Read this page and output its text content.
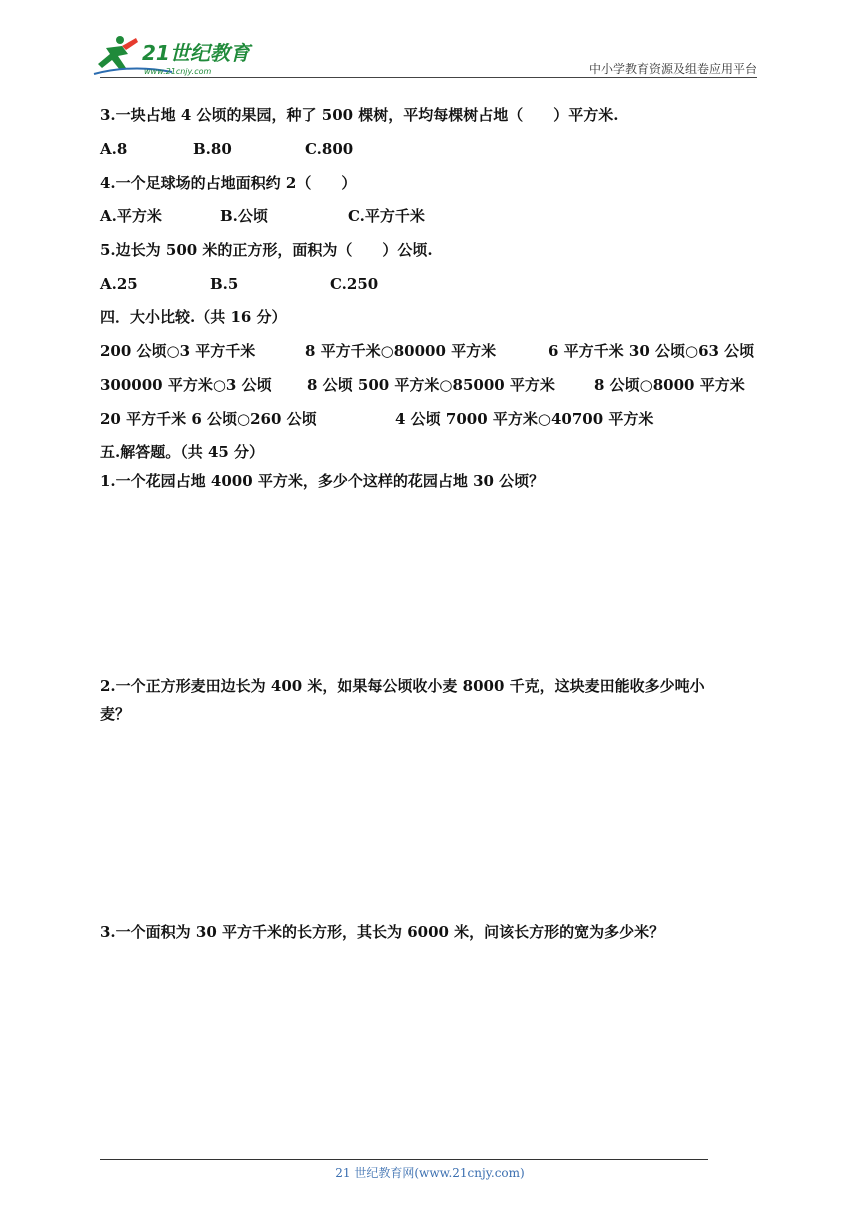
21世纪教育
www.21cnjy.com	中小学教育资源及组卷应用平台
3.一块占地 4 公顷的果园，种了 500 棵树，平均每棵树占地（　　）平方米.
A.8	B.80	C.800
4.一个足球场的占地面积约 2（　　）
A.平方米	B.公顷	C.平方千米
5.边长为 500 米的正方形，面积为（　　）公顷.
A.25	B.5	C.250
四．大小比较.（共 16 分）
200 公顷○3 平方千米	8 平方千米○80000 平方米	6 平方千米 30 公顷○63 公顷
300000 平方米○3 公顷 8 公顷 500 平方米○85000 平方米	8 公顷○8000 平方米
20 平方千米 6 公顷○260 公顷	4 公顷 7000 平方米○40700 平方米
五.解答题。（共 45 分）
1.一个花园占地 4000 平方米，多少个这样的花园占地 30 公顷？
2.一个正方形麦田边长为 400 米，如果每公顷收小麦 8000 千克，这块麦田能收多少吨小
麦？
3.一个面积为 30 平方千米的长方形，其长为 6000 米，问该长方形的宽为多少米？
21 世纪教育网(www.21cnjy.com)
